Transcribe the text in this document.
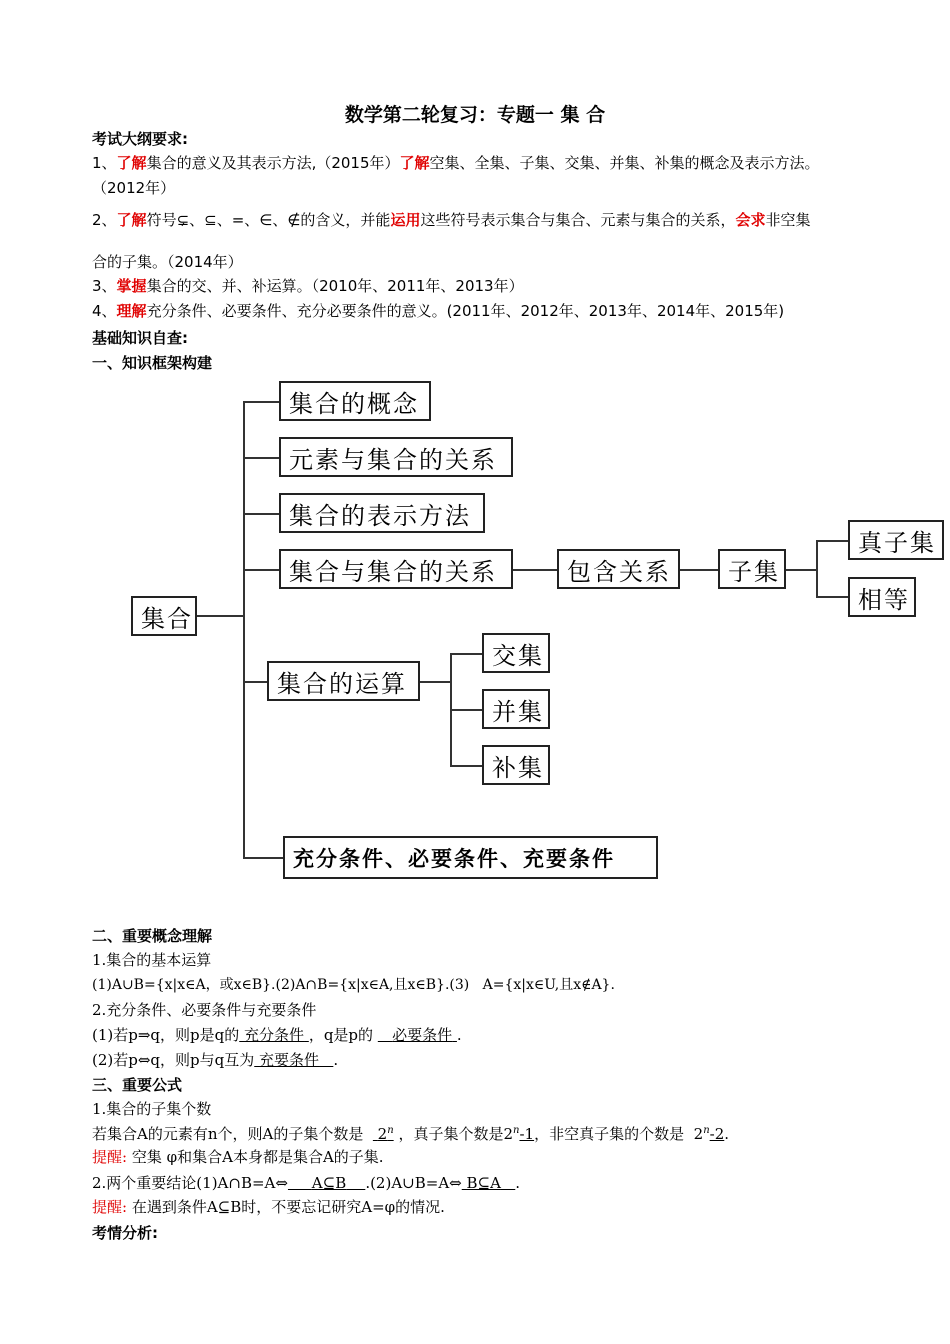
数学第二轮复习：专题一 集 合
考试大纲要求:
1、了解集合的意义及其表示方法,（2015年）了解空集、全集、子集、交集、并集、补集的概念及表示方法。
（2012年）
2、了解符号⊊、⊆、=、∈、∉的含义，并能运用这些符号表示集合与集合、元素与集合的关系，会求非空集
合的子集。（2014年）
3、掌握集合的交、并、补运算。（2010年、2011年、2013年）
4、理解充分条件、必要条件、充分必要条件的意义。(2011年、2012年、2013年、2014年、2015年)
基础知识自查:
一、知识框架构建
集合
集合的概念
元素与集合的关系
集合的表示方法
集合与集合的关系	包含关系	子集
真子集
相等
集合的运算
交集
并集
补集
充分条件、必要条件、充要条件
二、重要概念理解
1.集合的基本运算
(1)A∪B={x|x∈A，或x∈B}.(2)A∩B={x|x∈A,且x∈B}.(3) A={x|x∈U,且x∉A}.
2.充分条件、必要条件与充要条件
(1)若p⇒q，则p是q的 充分条件 ，q是p的 必要条件 .
(2)若p⇔q，则p与q互为 充要条件 .
三、重要公式
1.集合的子集个数
若集合A的元素有n个，则A的子集个数是 2$^n$ ，真子集个数是2$^n$-1，非空真子集的个数是 2$^n$-2.
提醒: 空集 φ和集合A本身都是集合A的子集.
2.两个重要结论(1)A∩B=A⇔ A⊆B .(2)A∪B=A⇔ B⊆A .
提醒: 在遇到条件A⊆B时，不要忘记研究A=φ的情况.
考情分析:
